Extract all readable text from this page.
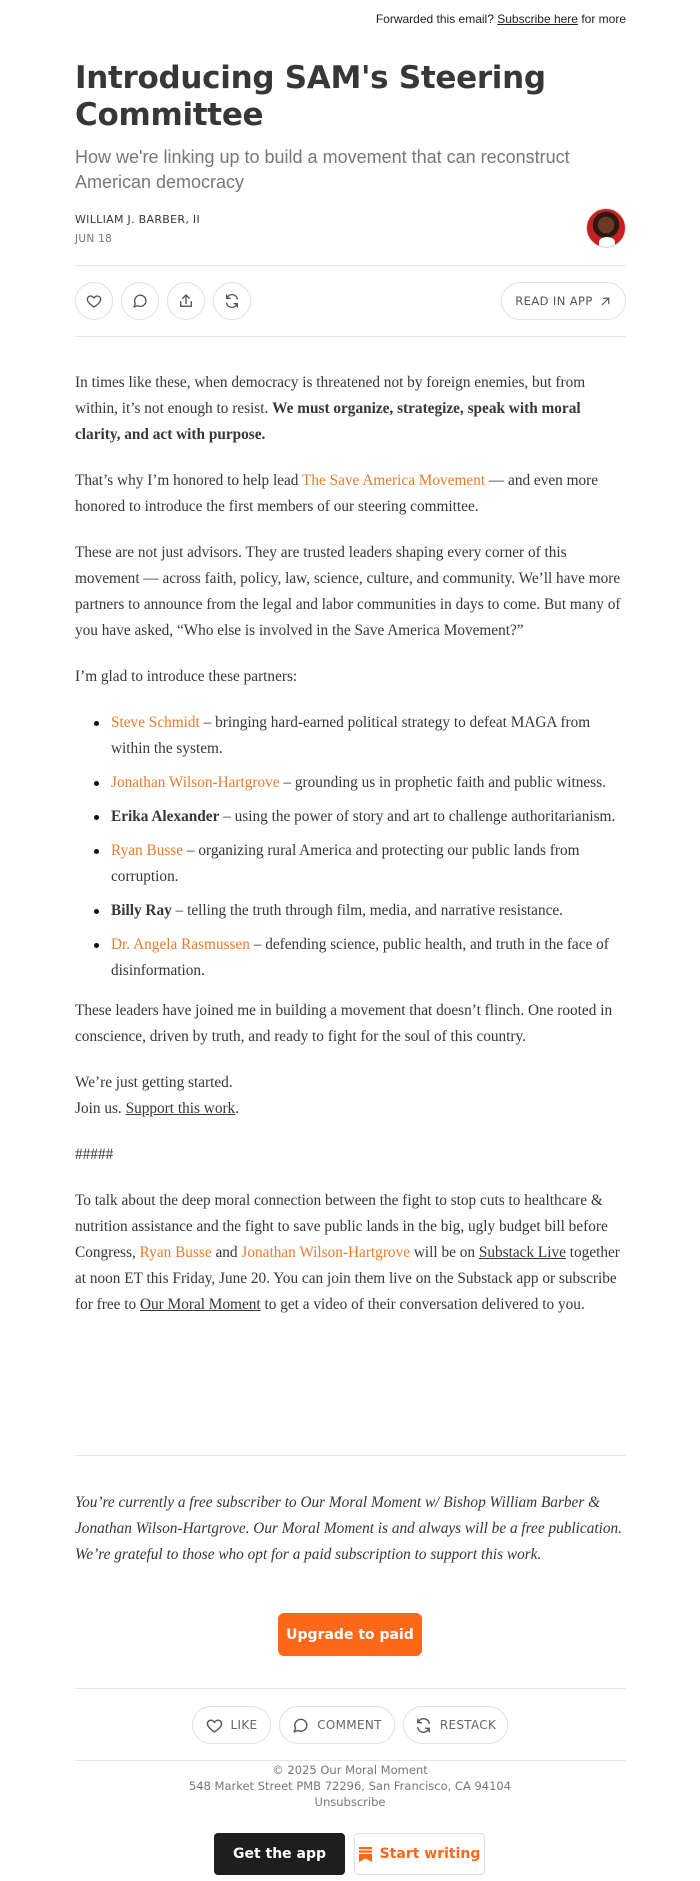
Forwarded this email? Subscribe here for more
Introducing SAM's Steering Committee
How we're linking up to build a movement that can reconstruct American democracy
WILLIAM J. BARBER, II
JUN 18
READ IN APP

In times like these, when democracy is threatened not by foreign enemies, but from within, it’s not enough to resist. We must organize, strategize, speak with moral clarity, and act with purpose.

That’s why I’m honored to help lead The Save America Movement — and even more honored to introduce the first members of our steering committee.

These are not just advisors. They are trusted leaders shaping every corner of this movement — across faith, policy, law, science, culture, and community. We’ll have more partners to announce from the legal and labor communities in days to come. But many of you have asked, “Who else is involved in the Save America Movement?”

I’m glad to introduce these partners:

Steve Schmidt – bringing hard-earned political strategy to defeat MAGA from within the system.
Jonathan Wilson-Hartgrove – grounding us in prophetic faith and public witness.
Erika Alexander – using the power of story and art to challenge authoritarianism.
Ryan Busse – organizing rural America and protecting our public lands from corruption.
Billy Ray – telling the truth through film, media, and narrative resistance.
Dr. Angela Rasmussen – defending science, public health, and truth in the face of disinformation.

These leaders have joined me in building a movement that doesn’t flinch. One rooted in conscience, driven by truth, and ready to fight for the soul of this country.

We’re just getting started.
Join us. Support this work.

#####

To talk about the deep moral connection between the fight to stop cuts to healthcare & nutrition assistance and the fight to save public lands in the big, ugly budget bill before Congress, Ryan Busse and Jonathan Wilson-Hartgrove will be on Substack Live together at noon ET this Friday, June 20. You can join them live on the Substack app or subscribe for free to Our Moral Moment to get a video of their conversation delivered to you.

You’re currently a free subscriber to Our Moral Moment w/ Bishop William Barber & Jonathan Wilson-Hartgrove. Our Moral Moment is and always will be a free publication. We’re grateful to those who opt for a paid subscription to support this work.
Upgrade to paid
LIKE	COMMENT	RESTACK
© 2025 Our Moral Moment
548 Market Street PMB 72296, San Francisco, CA 94104
Unsubscribe
Get the app	Start writing
